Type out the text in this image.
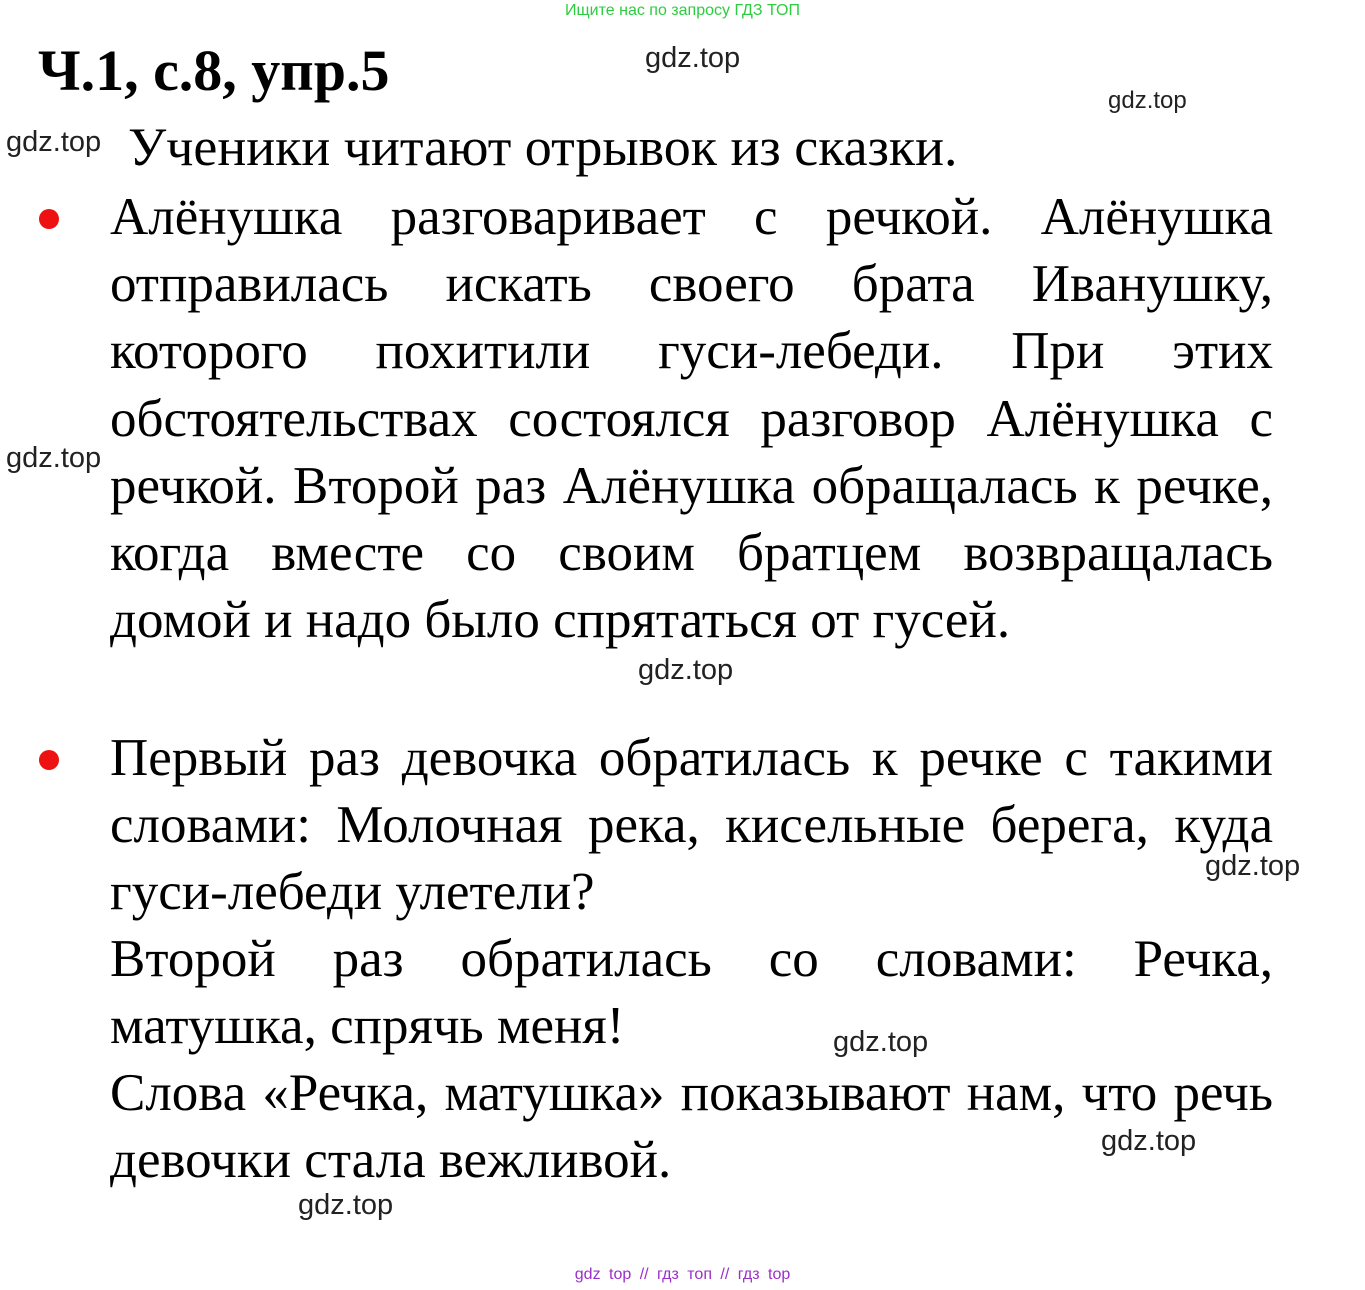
Ищите нас по запросу ГДЗ ТОП
Ч.1, с.8, упр.5
Ученики читают отрывок из сказки.

Алёнушка разговаривает с речкой. Алёнушка отправилась искать своего брата Иванушку, которого похитили гуси-лебеди. При этих обстоятельствах состоялся разговор Алёнушка с речкой. Второй раз Алёнушка обращалась к речке, когда вместе со своим братцем возвращалась домой и надо было спрятаться от гусей.

Первый раз девочка обратилась к речке с такими словами: Молочная река, кисельные берега, куда гуси-лебеди улетели?

Второй раз обратилась со словами: Речка, матушка, спрячь меня!

Слова «Речка, матушка» показывают нам, что речь девочки стала вежливой.

gdz.top
gdz.top
gdz.top
gdz.top
gdz.top
gdz.top
gdz.top
gdz.top
gdz.top
gdz top // гдз топ // гдз top
